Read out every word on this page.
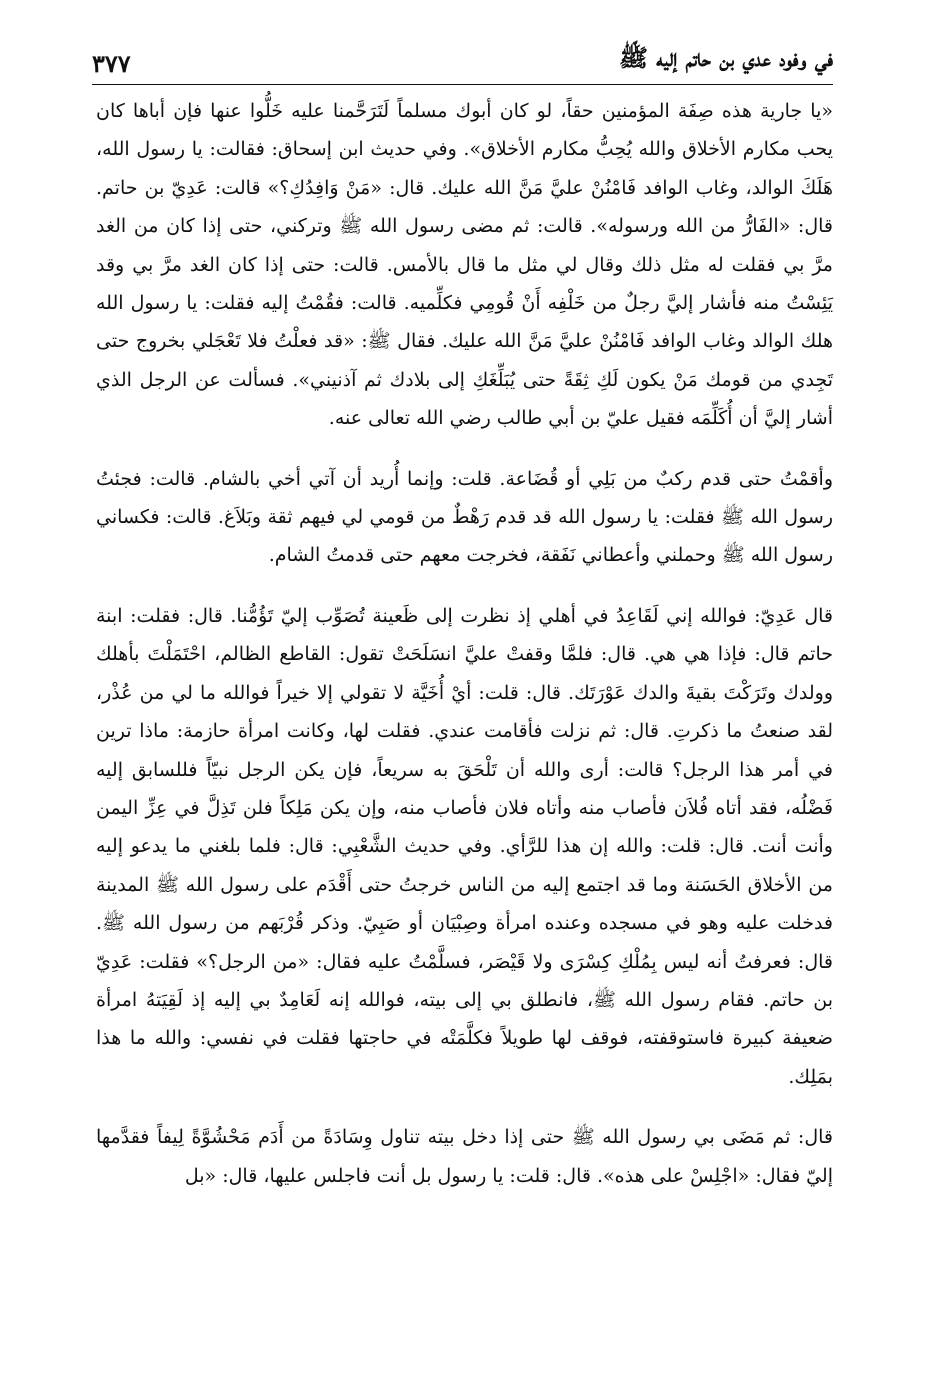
في وفود عدي بن حاتم إليه ﷺ
٣٧٧

«يا جارية هذه صِفَة المؤمنين حقاً، لو كان أبوك مسلماً لَتَرَحَّمنا عليه خَلُّوا عنها فإن أباها كان يحب مكارم الأخلاق والله يُحِبُّ مكارم الأخلاق». وفي حديث ابن إسحاق: فقالت: يا رسول الله، هَلَكَ الوالد، وغاب الوافد فَامْنُنْ عليَّ مَنَّ الله عليك. قال: «مَنْ وَافِدُكِ؟» قالت: عَدِيّ بن حاتم. قال: «الفَارُّ من الله ورسوله». قالت: ثم مضى رسول الله ﷺ وتركني، حتى إذا كان من الغد مرَّ بي فقلت له مثل ذلك وقال لي مثل ما قال بالأمس. قالت: حتى إذا كان الغد مرَّ بي وقد يَئِسْتُ منه فأشار إليَّ رجلٌ من خَلْفِه أَنْ قُومِي فكلِّميه. قالت: فقُمْتُ إليه فقلت: يا رسول الله هلك الوالد وغاب الوافد فَامْنُنْ عليَّ مَنَّ الله عليك. فقال ﷺ: «قد فعلْتُ فلا تَعْجَلي بخروج حتى تَجِدي من قومك مَنْ يكون لَكِ ثِقَةً حتى يُبَلِّغَكِ إلى بلادك ثم آذنيني». فسألت عن الرجل الذي أشار إليَّ أن أُكَلِّمَه فقيل عليّ بن أبي طالب رضي الله تعالى عنه.

وأقمْتُ حتى قدم ركبٌ من بَلِي أو قُضَاعة. قلت: وإنما أُريد أن آتي أخي بالشام. قالت: فجئتُ رسول الله ﷺ فقلت: يا رسول الله قد قدم رَهْطٌ من قومي لي فيهم ثقة وبَلاَغ. قالت: فكساني رسول الله ﷺ وحملني وأعطاني نَفَقة، فخرجت معهم حتى قدمتُ الشام.

قال عَدِيّ: فوالله إني لَقَاعِدُ في أهلي إذ نظرت إلى ظَعينة تُصَوِّب إليّ تَؤُمُّنا. قال: فقلت: ابنة حاتم قال: فإذا هي هي. قال: فلمَّا وقفتْ عليَّ انسَلَحَتْ تقول: القاطع الظالم، احْتَمَلْتَ بأهلك وولدك وتَرَكْتَ بقيةَ والدك عَوْرَتَك. قال: قلت: أيْ أُخَيَّة لا تقولي إلا خيراً فوالله ما لي من عُذْر، لقد صنعتُ ما ذكرتِ. قال: ثم نزلت فأقامت عندي. فقلت لها، وكانت امرأة حازمة: ماذا ترين في أمر هذا الرجل؟ قالت: أرى والله أن تَلْحَقَ به سريعاً، فإن يكن الرجل نبيّاً فللسابق إليه فَضْلُه، فقد أتاه فُلاَن فأصاب منه وأتاه فلان فأصاب منه، وإن يكن مَلِكاً فلن تَذِلَّ في عِزِّ اليمن وأنت أنت. قال: قلت: والله إن هذا للرَّأي. وفي حديث الشَّعْبِي: قال: فلما بلغني ما يدعو إليه من الأخلاق الحَسَنة وما قد اجتمع إليه من الناس خرجتُ حتى أَقْدَم على رسول الله ﷺ المدينة فدخلت عليه وهو في مسجده وعنده امرأة وصِبْيَان أو صَبِيّ. وذكر قُرْبَهم من رسول الله ﷺ. قال: فعرفتُ أنه ليس بِمُلْكِ كِسْرَى ولا قَيْصَر، فسلَّمْتُ عليه فقال: «من الرجل؟» فقلت: عَدِيّ بن حاتم. فقام رسول الله ﷺ، فانطلق بي إلى بيته، فوالله إنه لَعَامِدٌ بي إليه إذ لَقِيَتهُ امرأة ضعيفة كبيرة فاستوقفته، فوقف لها طويلاً فكلَّمَتْه في حاجتها فقلت في نفسي: والله ما هذا بمَلِك.

قال: ثم مَضَى بي رسول الله ﷺ حتى إذا دخل بيته تناول وِسَادَةً من أَدَم مَحْشُوَّةً لِيفاً فقدَّمها إليّ فقال: «اجْلِسْ على هذه». قال: قلت: يا رسول بل أنت فاجلس عليها، قال: «بل
